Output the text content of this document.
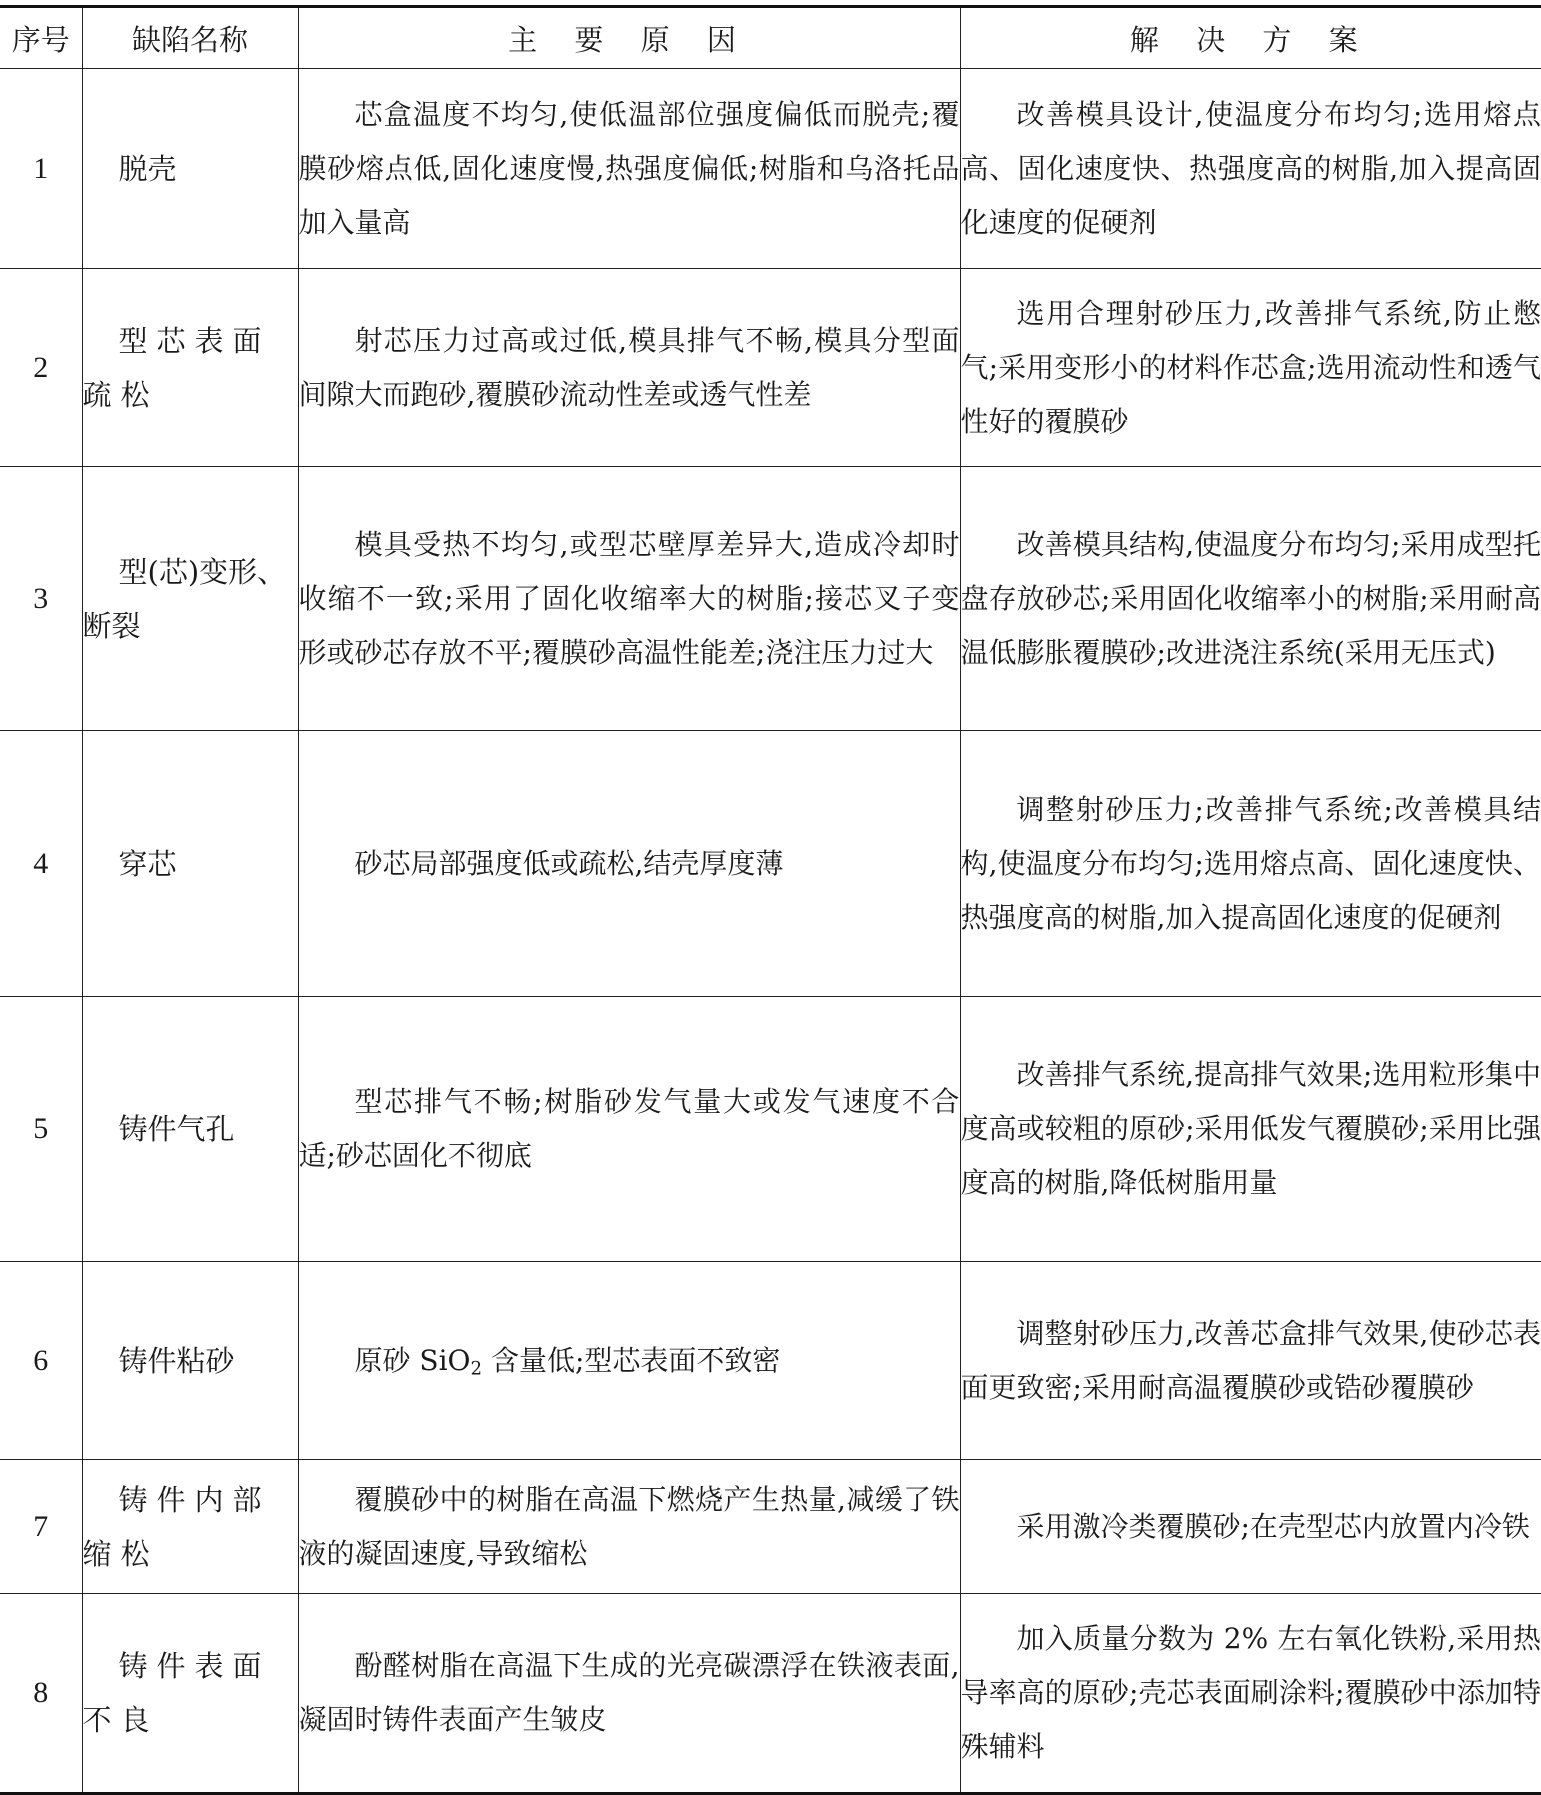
序号	缺陷名称	主 要 原 因	解 决 方 案
1	脱壳	芯盒温度不均匀,使低温部位强度偏低而脱壳;覆膜砂熔点低,固化速度慢,热强度偏低;树脂和乌洛托品加入量高	改善模具设计,使温度分布均匀;选用熔点高、固化速度快、热强度高的树脂,加入提高固化速度的促硬剂

2	型芯表面疏松	射芯压力过高或过低,模具排气不畅,模具分型面间隙大而跑砂,覆膜砂流动性差或透气性差	选用合理射砂压力,改善排气系统,防止憋气;采用变形小的材料作芯盒;选用流动性和透气性好的覆膜砂

3	型(芯)变形、断裂	模具受热不均匀,或型芯壁厚差异大,造成冷却时收缩不一致;采用了固化收缩率大的树脂;接芯叉子变形或砂芯存放不平;覆膜砂高温性能差;浇注压力过大	改善模具结构,使温度分布均匀;采用成型托盘存放砂芯;采用固化收缩率小的树脂;采用耐高温低膨胀覆膜砂;改进浇注系统(采用无压式)

4	穿芯	砂芯局部强度低或疏松,结壳厚度薄	调整射砂压力;改善排气系统;改善模具结构,使温度分布均匀;选用熔点高、固化速度快、热强度高的树脂,加入提高固化速度的促硬剂

5	铸件气孔	型芯排气不畅;树脂砂发气量大或发气速度不合适;砂芯固化不彻底	改善排气系统,提高排气效果;选用粒形集中度高或较粗的原砂;采用低发气覆膜砂;采用比强度高的树脂,降低树脂用量

6	铸件粘砂	原砂 SiO$_2$ 含量低;型芯表面不致密	调整射砂压力,改善芯盒排气效果,使砂芯表面更致密;采用耐高温覆膜砂或锆砂覆膜砂

7	铸件内部缩松	覆膜砂中的树脂在高温下燃烧产生热量,减缓了铁液的凝固速度,导致缩松	采用激冷类覆膜砂;在壳型芯内放置内冷铁

8	铸件表面不良	酚醛树脂在高温下生成的光亮碳漂浮在铁液表面,凝固时铸件表面产生皱皮	加入质量分数为 2% 左右氧化铁粉,采用热导率高的原砂;壳芯表面刷涂料;覆膜砂中添加特殊辅料
